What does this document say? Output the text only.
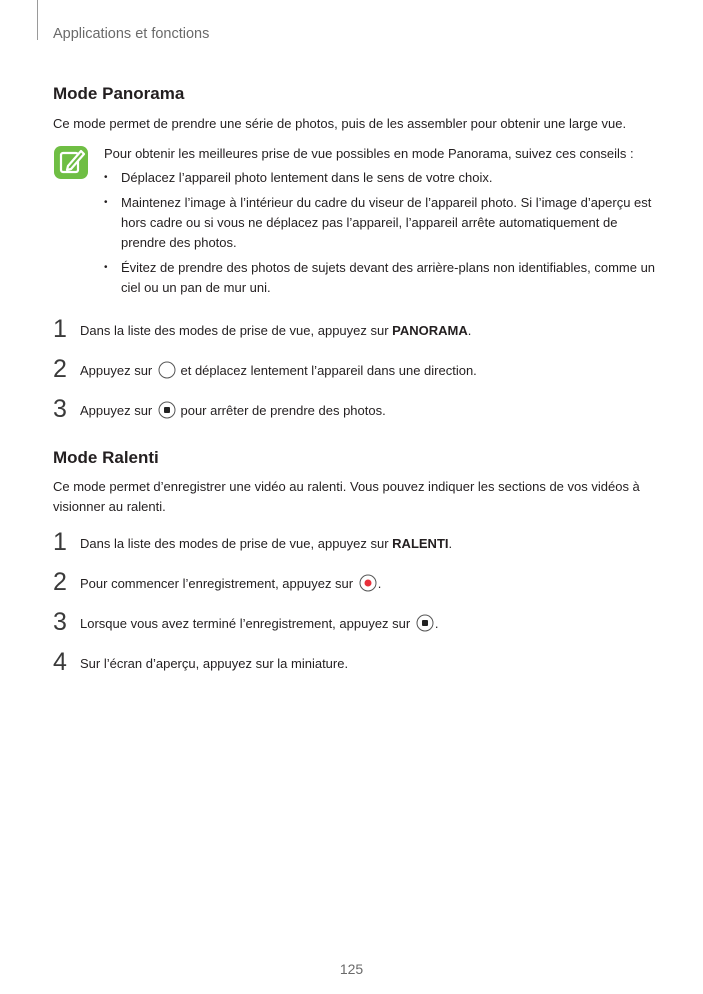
Applications et fonctions
Mode Panorama
Ce mode permet de prendre une série de photos, puis de les assembler pour obtenir une large vue.
Pour obtenir les meilleures prise de vue possibles en mode Panorama, suivez ces conseils :
• Déplacez l’appareil photo lentement dans le sens de votre choix.
• Maintenez l’image à l’intérieur du cadre du viseur de l’appareil photo. Si l’image d’aperçu est hors cadre ou si vous ne déplacez pas l’appareil, l’appareil arrête automatiquement de prendre des photos.
• Évitez de prendre des photos de sujets devant des arrière-plans non identifiables, comme un ciel ou un pan de mur uni.
1	Dans la liste des modes de prise de vue, appuyez sur PANORAMA.
2	Appuyez sur  et déplacez lentement l’appareil dans une direction.
3	Appuyez sur  pour arrêter de prendre des photos.
Mode Ralenti
Ce mode permet d’enregistrer une vidéo au ralenti. Vous pouvez indiquer les sections de vos vidéos à visionner au ralenti.
1	Dans la liste des modes de prise de vue, appuyez sur RALENTI.
2	Pour commencer l’enregistrement, appuyez sur .
3	Lorsque vous avez terminé l’enregistrement, appuyez sur .
4	Sur l’écran d’aperçu, appuyez sur la miniature.
125
